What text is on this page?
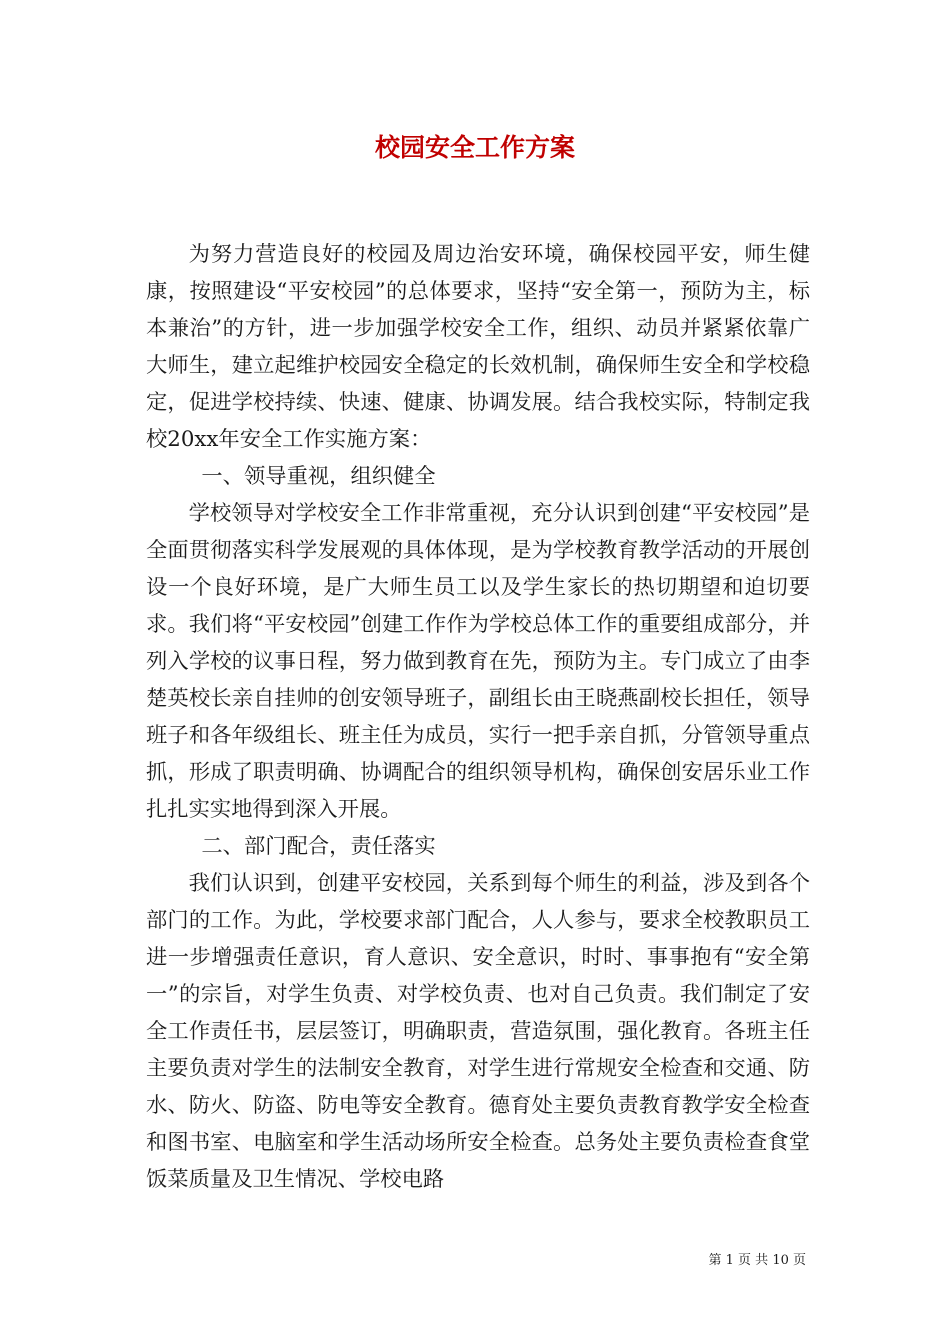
校园安全工作方案

为努力营造良好的校园及周边治安环境，确保校园平安，师生健康，按照建设“平安校园”的总体要求，坚持“安全第一，预防为主，标本兼治”的方针，进一步加强学校安全工作，组织、动员并紧紧依靠广大师生，建立起维护校园安全稳定的长效机制，确保师生安全和学校稳定，促进学校持续、快速、健康、协调发展。结合我校实际，特制定我校20xx年安全工作实施方案：

一、领导重视，组织健全

学校领导对学校安全工作非常重视，充分认识到创建“平安校园”是全面贯彻落实科学发展观的具体体现，是为学校教育教学活动的开展创设一个良好环境，是广大师生员工以及学生家长的热切期望和迫切要求。我们将“平安校园”创建工作作为学校总体工作的重要组成部分，并列入学校的议事日程，努力做到教育在先，预防为主。专门成立了由李楚英校长亲自挂帅的创安领导班子，副组长由王晓燕副校长担任，领导班子和各年级组长、班主任为成员，实行一把手亲自抓，分管领导重点抓，形成了职责明确、协调配合的组织领导机构，确保创安居乐业工作扎扎实实地得到深入开展。

二、部门配合，责任落实

我们认识到，创建平安校园，关系到每个师生的利益，涉及到各个部门的工作。为此，学校要求部门配合，人人参与，要求全校教职员工进一步增强责任意识，育人意识、安全意识，时时、事事抱有“安全第一”的宗旨，对学生负责、对学校负责、也对自己负责。我们制定了安全工作责任书，层层签订，明确职责，营造氛围，强化教育。各班主任主要负责对学生的法制安全教育，对学生进行常规安全检查和交通、防水、防火、防盗、防电等安全教育。德育处主要负责教育教学安全检查和图书室、电脑室和学生活动场所安全检查。总务处主要负责检查食堂饭菜质量及卫生情况、学校电路

第 1 页 共 10 页
